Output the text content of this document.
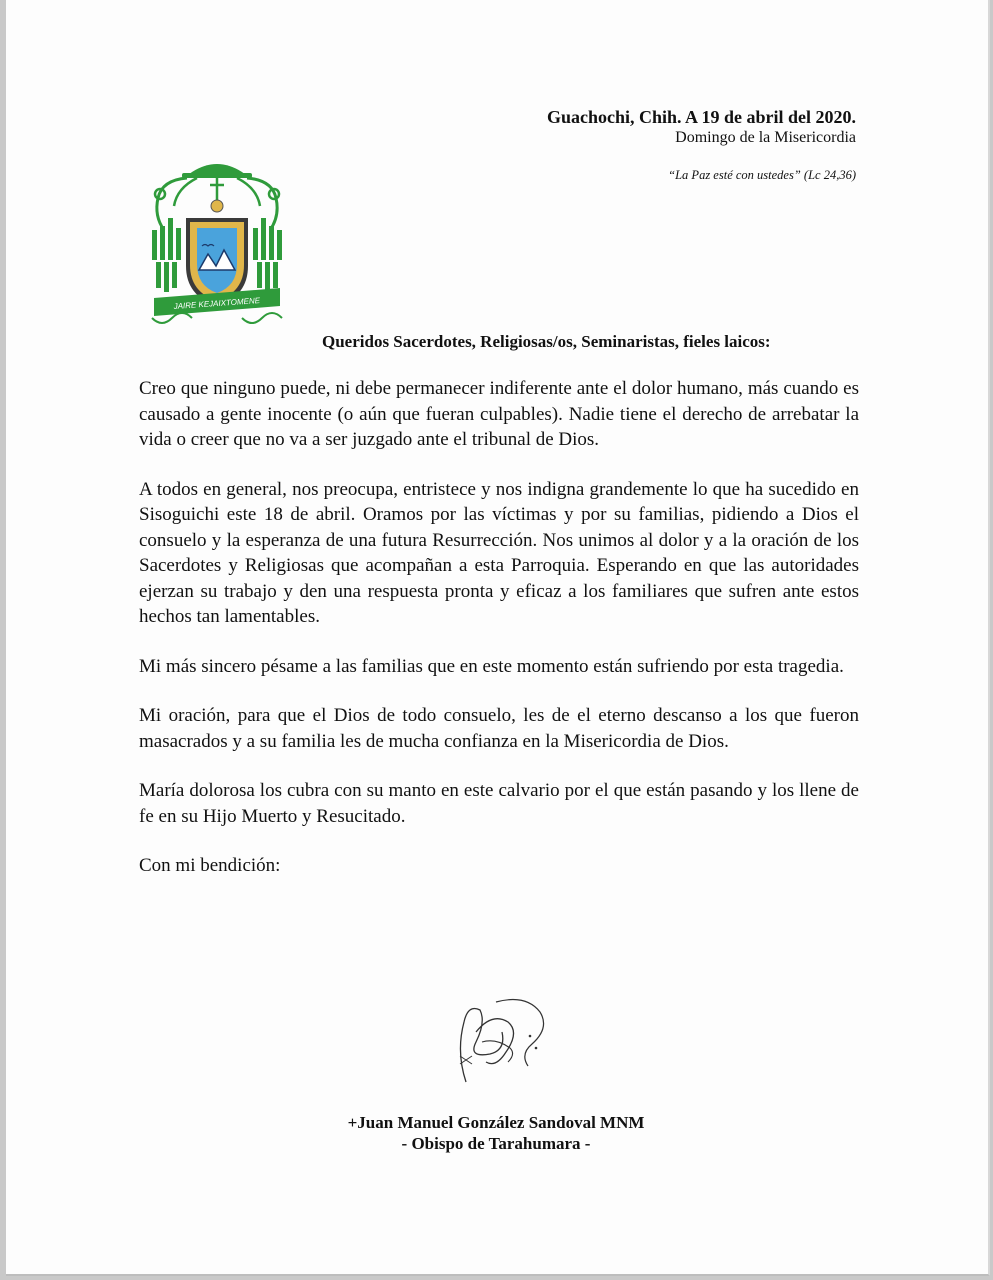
Guachochi, Chih. A 19 de abril del 2020.
Domingo de la Misericordia
“La Paz esté con ustedes” (Lc 24,36)
JAIRE KEJAIXTOMENE
Queridos Sacerdotes, Religiosas/os, Seminaristas, fieles laicos:

Creo que ninguno puede, ni debe permanecer indiferente ante el dolor humano, más cuando es causado a gente inocente (o aún que fueran culpables). Nadie tiene el derecho de arrebatar la vida o creer que no va a ser juzgado ante el tribunal de Dios.

A todos en general, nos preocupa, entristece y nos indigna grandemente lo que ha sucedido en Sisoguichi este 18 de abril. Oramos por las víctimas y por su familias, pidiendo a Dios el consuelo y la esperanza de una futura Resurrección. Nos unimos al dolor y a la oración de los Sacerdotes y Religiosas que acompañan a esta Parroquia. Esperando en que las autoridades ejerzan su trabajo y den una respuesta pronta y eficaz a los familiares que sufren ante estos hechos tan lamentables.

Mi más sincero pésame a las familias que en este momento están sufriendo por esta tragedia.

Mi oración, para que el Dios de todo consuelo, les de el eterno descanso a los que fueron masacrados y a su familia les de mucha confianza en la Misericordia de Dios.

María dolorosa los cubra con su manto en este calvario por el que están pasando y los llene de fe en su Hijo Muerto y Resucitado.

Con mi bendición:

+Juan Manuel González Sandoval MNM
- Obispo de Tarahumara -
